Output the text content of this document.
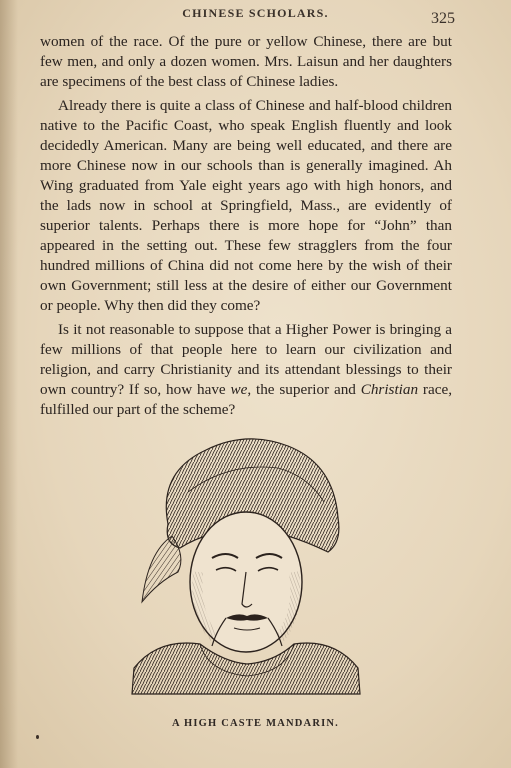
CHINESE SCHOLARS.	325

women of the race. Of the pure or yellow Chinese, there are but few men, and only a dozen women. Mrs. Laisun and her daughters are specimens of the best class of Chinese ladies.

Already there is quite a class of Chinese and half-blood children native to the Pacific Coast, who speak English fluently and look decidedly American. Many are being well educated, and there are more Chinese now in our schools than is generally imagined. Ah Wing graduated from Yale eight years ago with high honors, and the lads now in school at Springfield, Mass., are evidently of superior talents. Perhaps there is more hope for “John” than appeared in the setting out. These few stragglers from the four hundred millions of China did not come here by the wish of their own Government; still less at the desire of either our Government or people. Why then did they come?

Is it not reasonable to suppose that a Higher Power is bringing a few millions of that people here to learn our civilization and religion, and carry Christianity and its attendant blessings to their own country? If so, how have we, the superior and Christian race, fulfilled our part of the scheme?

A HIGH CASTE MANDARIN.
